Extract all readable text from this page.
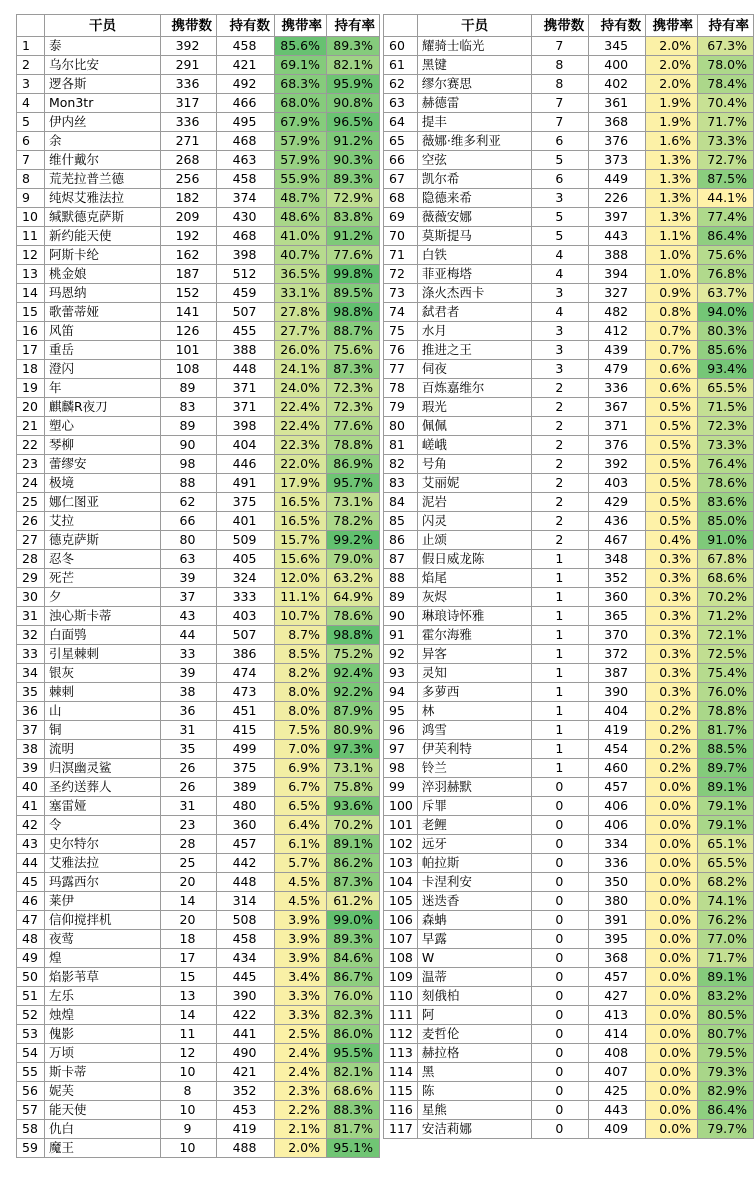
	干员	携带数	持有数	携带率	持有率
1	泰	392	458	85.6%	89.3%
2	乌尔比安	291	421	69.1%	82.1%
3	逻各斯	336	492	68.3%	95.9%
4	Mon3tr	317	466	68.0%	90.8%
5	伊内丝	336	495	67.9%	96.5%
6	余	271	468	57.9%	91.2%
7	维什戴尔	268	463	57.9%	90.3%
8	荒芜拉普兰德	256	458	55.9%	89.3%
9	纯烬艾雅法拉	182	374	48.7%	72.9%
10	缄默德克萨斯	209	430	48.6%	83.8%
11	新约能天使	192	468	41.0%	91.2%
12	阿斯卡纶	162	398	40.7%	77.6%
13	桃金娘	187	512	36.5%	99.8%
14	玛恩纳	152	459	33.1%	89.5%
15	歌蕾蒂娅	141	507	27.8%	98.8%
16	风笛	126	455	27.7%	88.7%
17	重岳	101	388	26.0%	75.6%
18	澄闪	108	448	24.1%	87.3%
19	年	89	371	24.0%	72.3%
20	麒麟R夜刀	83	371	22.4%	72.3%
21	塑心	89	398	22.4%	77.6%
22	琴柳	90	404	22.3%	78.8%
23	蕾缪安	98	446	22.0%	86.9%
24	极境	88	491	17.9%	95.7%
25	娜仁图亚	62	375	16.5%	73.1%
26	艾拉	66	401	16.5%	78.2%
27	德克萨斯	80	509	15.7%	99.2%
28	忍冬	63	405	15.6%	79.0%
29	死芒	39	324	12.0%	63.2%
30	夕	37	333	11.1%	64.9%
31	浊心斯卡蒂	43	403	10.7%	78.6%
32	白面鸮	44	507	8.7%	98.8%
33	引星棘刺	33	386	8.5%	75.2%
34	银灰	39	474	8.2%	92.4%
35	棘刺	38	473	8.0%	92.2%
36	山	36	451	8.0%	87.9%
37	铜	31	415	7.5%	80.9%
38	流明	35	499	7.0%	97.3%
39	归溟幽灵鲨	26	375	6.9%	73.1%
40	圣约送葬人	26	389	6.7%	75.8%
41	塞雷娅	31	480	6.5%	93.6%
42	令	23	360	6.4%	70.2%
43	史尔特尔	28	457	6.1%	89.1%
44	艾雅法拉	25	442	5.7%	86.2%
45	玛露西尔	20	448	4.5%	87.3%
46	莱伊	14	314	4.5%	61.2%
47	信仰搅拌机	20	508	3.9%	99.0%
48	夜莺	18	458	3.9%	89.3%
49	煌	17	434	3.9%	84.6%
50	焰影苇草	15	445	3.4%	86.7%
51	左乐	13	390	3.3%	76.0%
52	烛煌	14	422	3.3%	82.3%
53	傀影	11	441	2.5%	86.0%
54	万顷	12	490	2.4%	95.5%
55	斯卡蒂	10	421	2.4%	82.1%
56	妮芙	8	352	2.3%	68.6%
57	能天使	10	453	2.2%	88.3%
58	仇白	9	419	2.1%	81.7%
59	魔王	10	488	2.0%	95.1%
	干员	携带数	持有数	携带率	持有率
60	耀骑士临光	7	345	2.0%	67.3%
61	黑键	8	400	2.0%	78.0%
62	缪尔赛思	8	402	2.0%	78.4%
63	赫德雷	7	361	1.9%	70.4%
64	提丰	7	368	1.9%	71.7%
65	薇娜·维多利亚	6	376	1.6%	73.3%
66	空弦	5	373	1.3%	72.7%
67	凯尔希	6	449	1.3%	87.5%
68	隐德来希	3	226	1.3%	44.1%
69	薇薇安娜	5	397	1.3%	77.4%
70	莫斯提马	5	443	1.1%	86.4%
71	白铁	4	388	1.0%	75.6%
72	菲亚梅塔	4	394	1.0%	76.8%
73	涤火杰西卡	3	327	0.9%	63.7%
74	弑君者	4	482	0.8%	94.0%
75	水月	3	412	0.7%	80.3%
76	推进之王	3	439	0.7%	85.6%
77	伺夜	3	479	0.6%	93.4%
78	百炼嘉维尔	2	336	0.6%	65.5%
79	瑕光	2	367	0.5%	71.5%
80	佩佩	2	371	0.5%	72.3%
81	嵯峨	2	376	0.5%	73.3%
82	号角	2	392	0.5%	76.4%
83	艾丽妮	2	403	0.5%	78.6%
84	泥岩	2	429	0.5%	83.6%
85	闪灵	2	436	0.5%	85.0%
86	止颂	2	467	0.4%	91.0%
87	假日威龙陈	1	348	0.3%	67.8%
88	焰尾	1	352	0.3%	68.6%
89	灰烬	1	360	0.3%	70.2%
90	琳琅诗怀雅	1	365	0.3%	71.2%
91	霍尔海雅	1	370	0.3%	72.1%
92	异客	1	372	0.3%	72.5%
93	灵知	1	387	0.3%	75.4%
94	多萝西	1	390	0.3%	76.0%
95	林	1	404	0.2%	78.8%
96	鸿雪	1	419	0.2%	81.7%
97	伊芙利特	1	454	0.2%	88.5%
98	铃兰	1	460	0.2%	89.7%
99	淬羽赫默	0	457	0.0%	89.1%
100	斥罪	0	406	0.0%	79.1%
101	老鲤	0	406	0.0%	79.1%
102	远牙	0	334	0.0%	65.1%
103	帕拉斯	0	336	0.0%	65.5%
104	卡涅利安	0	350	0.0%	68.2%
105	迷迭香	0	380	0.0%	74.1%
106	森蚺	0	391	0.0%	76.2%
107	早露	0	395	0.0%	77.0%
108	W	0	368	0.0%	71.7%
109	温蒂	0	457	0.0%	89.1%
110	刻俄柏	0	427	0.0%	83.2%
111	阿	0	413	0.0%	80.5%
112	麦哲伦	0	414	0.0%	80.7%
113	赫拉格	0	408	0.0%	79.5%
114	黑	0	407	0.0%	79.3%
115	陈	0	425	0.0%	82.9%
116	星熊	0	443	0.0%	86.4%
117	安洁莉娜	0	409	0.0%	79.7%
